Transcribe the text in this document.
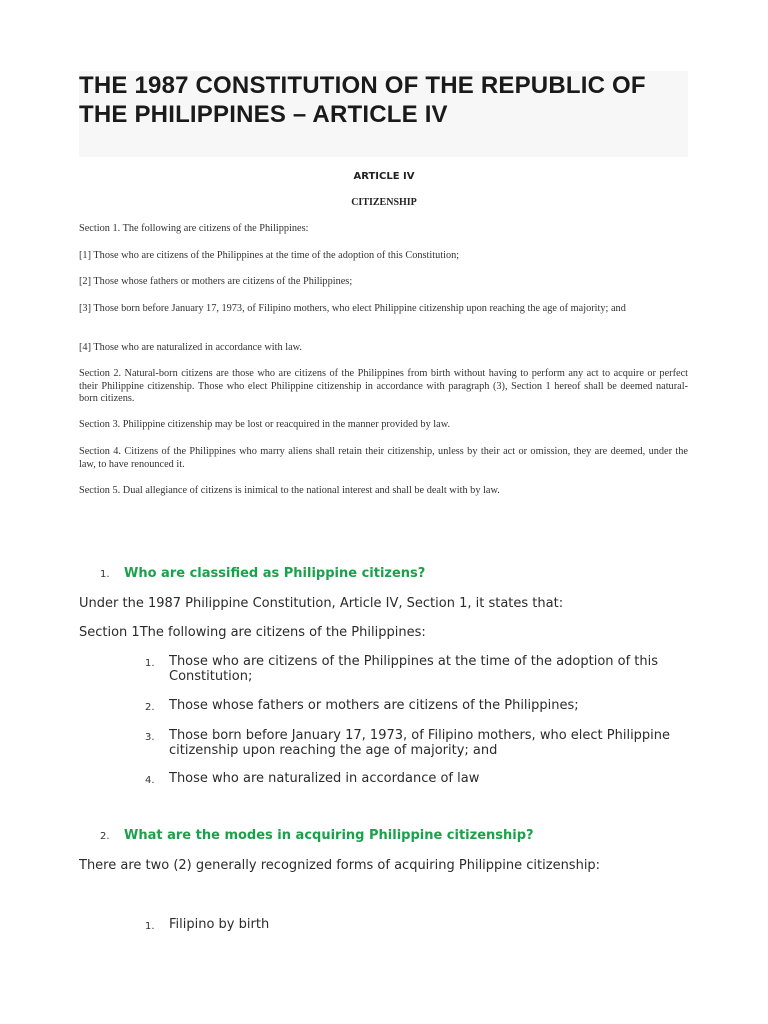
THE 1987 CONSTITUTION OF THE REPUBLIC OF THE PHILIPPINES – ARTICLE IV
ARTICLE IV
CITIZENSHIP

Section 1. The following are citizens of the Philippines:

[1] Those who are citizens of the Philippines at the time of the adoption of this Constitution;

[2] Those whose fathers or mothers are citizens of the Philippines;

[3] Those born before January 17, 1973, of Filipino mothers, who elect Philippine citizenship upon reaching the age of majority; and

[4] Those who are naturalized in accordance with law.

Section 2. Natural-born citizens are those who are citizens of the Philippines from birth without having to perform any act to acquire or perfect their Philippine citizenship. Those who elect Philippine citizenship in accordance with paragraph (3), Section 1 hereof shall be deemed natural-born citizens.

Section 3. Philippine citizenship may be lost or reacquired in the manner provided by law.

Section 4. Citizens of the Philippines who marry aliens shall retain their citizenship, unless by their act or omission, they are deemed, under the law, to have renounced it.

Section 5. Dual allegiance of citizens is inimical to the national interest and shall be dealt with by law.

1.	Who are classified as Philippine citizens?
Under the 1987 Philippine Constitution, Article IV, Section 1, it states that:
Section 1The following are citizens of the Philippines:
1.	Those who are citizens of the Philippines at the time of the adoption of this Constitution;
2.	Those whose fathers or mothers are citizens of the Philippines;
3.	Those born before January 17, 1973, of Filipino mothers, who elect Philippine citizenship upon reaching the age of majority; and
4.	Those who are naturalized in accordance of law
2.	What are the modes in acquiring Philippine citizenship?
There are two (2) generally recognized forms of acquiring Philippine citizenship:
1.	Filipino by birth
